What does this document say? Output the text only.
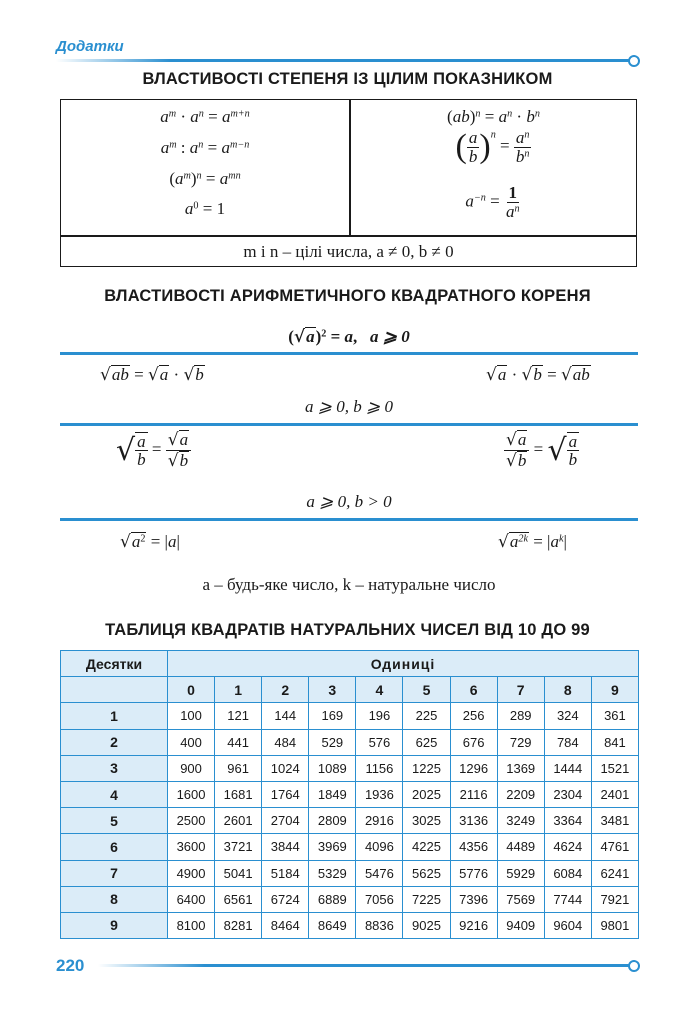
Додатки
ВЛАСТИВОСТІ СТЕПЕНЯ ІЗ ЦІЛИМ ПОКАЗНИКОМ
$a^m \cdot a^n = a^{m+n}$
$a^m$ : $a^n = a^{m-n}$
$(a^m)^n = a^{mn}$
$a^0 = 1$
$(ab)^n = a^n \cdot b^n$
( $\frac{a}{b} )^n = \frac{a^n}{b^n}$
$a^{-n} = \frac{1}{a^n}$
m і n – цілі числа, a ≠ 0, b ≠ 0
ВЛАСТИВОСТІ АРИФМЕТИЧНОГО КВАДРАТНОГО КОРЕНЯ
$(√a)^2 = a$,   a ⩾ 0
√ab = √a · √b	√a · √b = √ab
a ⩾ 0, b ⩾ 0
√ $\frac{a}{b} = \frac{√a}{√b}$	$\frac{√a}{√b}$ = √ $\frac{a}{b}$
a ⩾ 0, b > 0
$√a^2 = |a|$	$√a^{2k} = |a^k|$
a – будь-яке число, k – натуральне число
ТАБЛИЦЯ КВАДРАТІВ НАТУРАЛЬНИХ ЧИСЕЛ ВІД 10 ДО 99
Десятки	Одиниці									
	0	1	2	3	4	5	6	7	8	9
1	100	121	144	169	196	225	256	289	324	361
2	400	441	484	529	576	625	676	729	784	841
3	900	961	1024	1089	1156	1225	1296	1369	1444	1521
4	1600	1681	1764	1849	1936	2025	2116	2209	2304	2401
5	2500	2601	2704	2809	2916	3025	3136	3249	3364	3481
6	3600	3721	3844	3969	4096	4225	4356	4489	4624	4761
7	4900	5041	5184	5329	5476	5625	5776	5929	6084	6241
8	6400	6561	6724	6889	7056	7225	7396	7569	7744	7921
9	8100	8281	8464	8649	8836	9025	9216	9409	9604	9801
220
